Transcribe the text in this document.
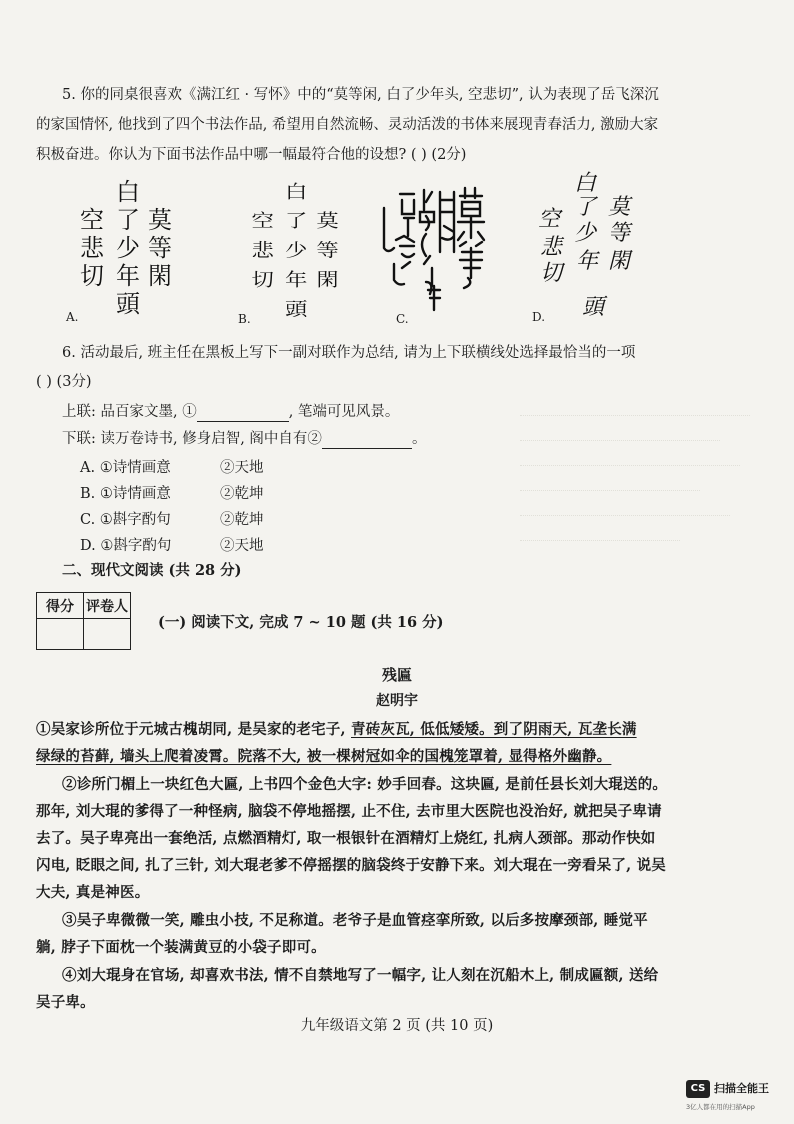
5. 你的同桌很喜欢《满江红 · 写怀》中的“莫等闲, 白了少年头, 空悲切”, 认为表现了岳飞深沉
的家国情怀, 他找到了四个书法作品, 希望用自然流畅、灵动活泼的书体来展现青春活力, 激励大家
积极奋进。你认为下面书法作品中哪一幅最符合他的设想? ( ) (2分)
白
莫
了
空
等
少
悲
閑
年
切
頭
A.
白
莫
了
空
等
少
悲
閑
年
切
頭
B.	C.
白
莫
了
空
等
少
悲
閑
年
切
頭
D.
6. 活动最后, 班主任在黑板上写下一副对联作为总结, 请为上下联横线处选择最恰当的一项
( ) (3分)
上联: 品百家文墨, ①	, 笔端可见风景。
下联: 读万卷诗书, 修身启智, 阁中自有②	。
A. ①诗情画意	②天地
B. ①诗情画意	②乾坤
C. ①斟字酌句	②乾坤
D. ①斟字酌句	②天地
二、现代文阅读 (共 28 分)
得分	评卷人

(一) 阅读下文, 完成 7 ~ 10 题 (共 16 分)
残匾
赵明宇
①吴家诊所位于元城古槐胡同, 是吴家的老宅子, 青砖灰瓦, 低低矮矮。到了阴雨天, 瓦垄长满
绿绿的苔藓, 墙头上爬着凌霄。院落不大, 被一棵树冠如伞的国槐笼罩着, 显得格外幽静。
②诊所门楣上一块红色大匾, 上书四个金色大字: 妙手回春。这块匾, 是前任县长刘大琨送的。
那年, 刘大琨的爹得了一种怪病, 脑袋不停地摇摆, 止不住, 去市里大医院也没治好, 就把吴子卑请
去了。吴子卑亮出一套绝活, 点燃酒精灯, 取一根银针在酒精灯上烧红, 扎病人颈部。那动作快如
闪电, 眨眼之间, 扎了三针, 刘大琨老爹不停摇摆的脑袋终于安静下来。刘大琨在一旁看呆了, 说吴
大夫, 真是神医。
③吴子卑微微一笑, 雕虫小技, 不足称道。老爷子是血管痉挛所致, 以后多按摩颈部, 睡觉平
躺, 脖子下面枕一个装满黄豆的小袋子即可。
④刘大琨身在官场, 却喜欢书法, 情不自禁地写了一幅字, 让人刻在沉船木上, 制成匾额, 送给
吴子卑。
九年级语文第 2 页 (共 10 页)
CS 扫描全能王
3亿人都在用的扫描App
